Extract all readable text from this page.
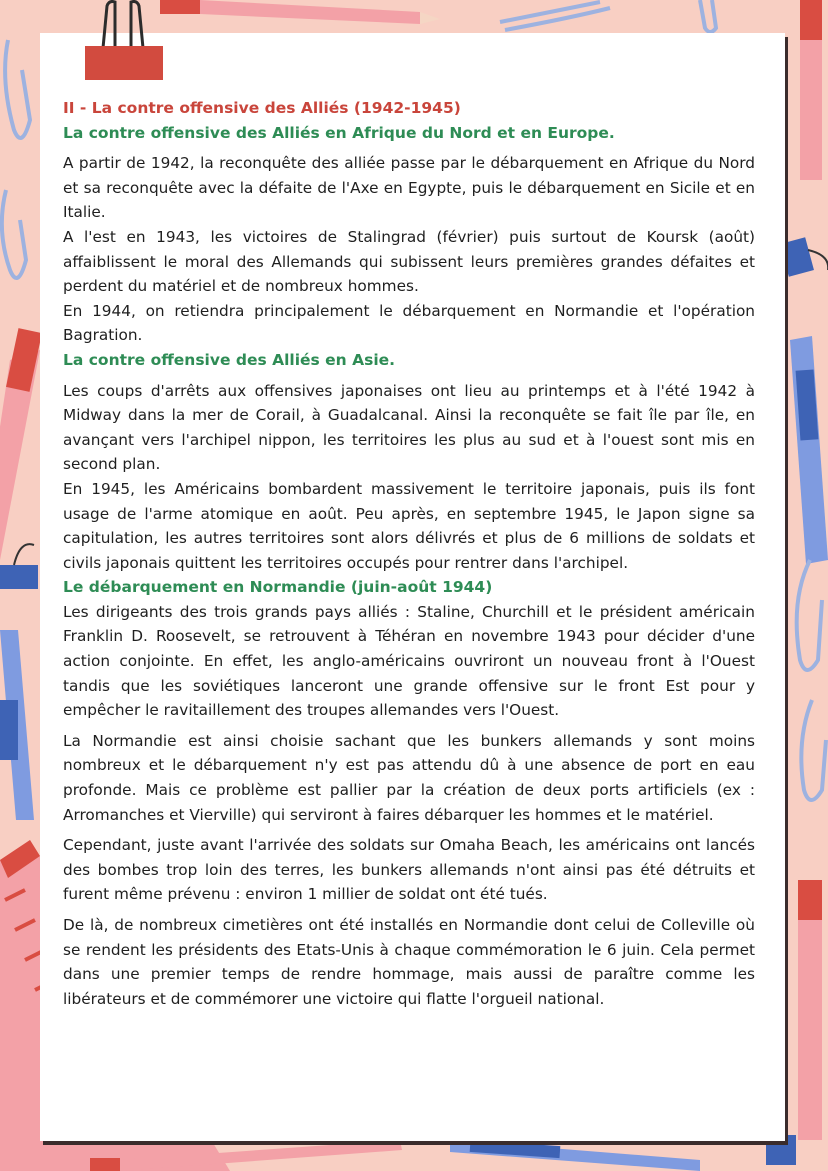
II - La contre offensive des Alliés (1942-1945)
La contre offensive des Alliés en Afrique du Nord et en Europe.

A partir de 1942, la reconquête des alliée passe par le débarquement en Afrique du Nord et sa reconquête avec la défaite de l'Axe en Egypte, puis le débarquement en Sicile et en Italie.

A l'est en 1943, les victoires de Stalingrad (février) puis surtout de Koursk (août) affaiblissent le moral des Allemands qui subissent leurs premières grandes défaites et perdent du matériel et de nombreux hommes.

En 1944, on retiendra principalement le débarquement en Normandie et l'opération Bagration.

La contre offensive des Alliés en Asie.

Les coups d'arrêts aux offensives japonaises ont lieu au printemps et à l'été 1942 à Midway dans la mer de Corail, à Guadalcanal. Ainsi la reconquête se fait île par île, en avançant vers l'archipel nippon, les territoires les plus au sud et à l'ouest sont mis en second plan.

En 1945, les Américains bombardent massivement le territoire japonais, puis ils font usage de l'arme atomique en août. Peu après, en septembre 1945, le Japon signe sa capitulation, les autres territoires sont alors délivrés et plus de 6 millions de soldats et civils japonais quittent les territoires occupés pour rentrer dans l'archipel.

Le débarquement en Normandie (juin-août 1944)

Les dirigeants des trois grands pays alliés : Staline, Churchill et le président américain Franklin D. Roosevelt, se retrouvent à Téhéran en novembre 1943 pour décider d'une action conjointe. En effet, les anglo-américains ouvriront un nouveau front à l'Ouest tandis que les soviétiques lanceront une grande offensive sur le front Est pour y empêcher le ravitaillement des troupes allemandes vers l'Ouest.

La Normandie est ainsi choisie sachant que les bunkers allemands y sont moins nombreux et le débarquement n'y est pas attendu dû à une absence de port en eau profonde. Mais ce problème est pallier par la création de deux ports artificiels (ex : Arromanches et Vierville) qui serviront à faires débarquer les hommes et le matériel.

Cependant, juste avant l'arrivée des soldats sur Omaha Beach, les américains ont lancés des bombes trop loin des terres, les bunkers allemands n'ont ainsi pas été détruits et furent même prévenu : environ 1 millier de soldat ont été tués.

De là, de nombreux cimetières ont été installés en Normandie dont celui de Colleville où se rendent les présidents des Etats-Unis à chaque commémoration le 6 juin. Cela permet dans une premier temps de rendre hommage, mais aussi de paraître comme les libérateurs et de commémorer une victoire qui flatte l'orgueil national.
